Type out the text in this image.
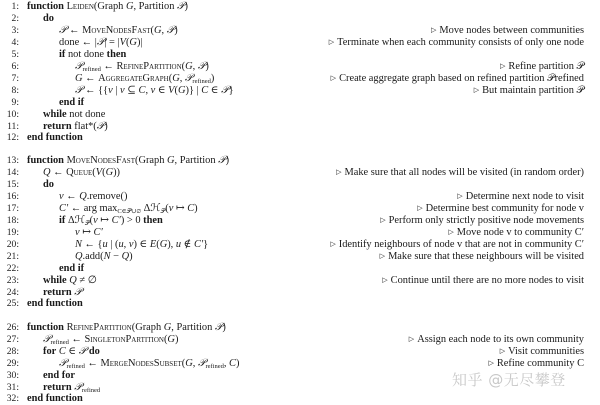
1: function Leiden(Graph G, Partition 𝒫)
2: do
3:	𝒫 ← MoveNodesFast(G, 𝒫)	▷ Move nodes between communities
4:	done ← |𝒫| = |V(G)|	▷ Terminate when each community consists of only one node
5:	if not done then
6:	𝒫$_{refined}$ ← RefinePartition(G, 𝒫)	▷ Refine partition 𝒫
7:	G ← AggregateGraph(G, 𝒫$_{refined}$)	▷ Create aggregate graph based on refined partition 𝒫refined
8:	𝒫 ← {{v | v ⊆ C, v ∈ V(G)} | C ∈ 𝒫}	▷ But maintain partition 𝒫
9:	end if
10: while not done
11: return flat*(𝒫)
12: end function
13: function MoveNodesFast(Graph G, Partition 𝒫)
14: Q ← Queue(V(G))	▷ Make sure that all nodes will be visited (in random order)
15: do
16:	v ← Q.remove()	▷ Determine next node to visit
17:	C′ ← arg $\max_{C\in 𝒫\cup\emptyset}$ Δℋ$_𝒫$(v ↦ C)	▷ Determine best community for node v
18:	if Δℋ$_𝒫$(v ↦ C′) > 0 then	▷ Perform only strictly positive node movements
19:	v ↦ C′	▷ Move node v to community C′
20:	N ← {u | (u, v) ∈ E(G), u ∉ C′}	▷ Identify neighbours of node v that are not in community C′
21:	Q.add(N − Q)	▷ Make sure that these neighbours will be visited
22:	end if
23: while Q ≠ ∅	▷ Continue until there are no more nodes to visit
24: return 𝒫
25: end function
26: function RefinePartition(Graph G, Partition 𝒫)
27: 𝒫$_{refined}$ ← SingletonPartition(G)	▷ Assign each node to its own community
28: for C ∈ 𝒫 do	▷ Visit communities
29:	𝒫$_{refined}$ ← MergeNodesSubset(G, 𝒫$_{refined}$, C)	▷ Refine community C
30: end for
31: return 𝒫$_{refined}$
32: end function
知乎 @无尽攀登
